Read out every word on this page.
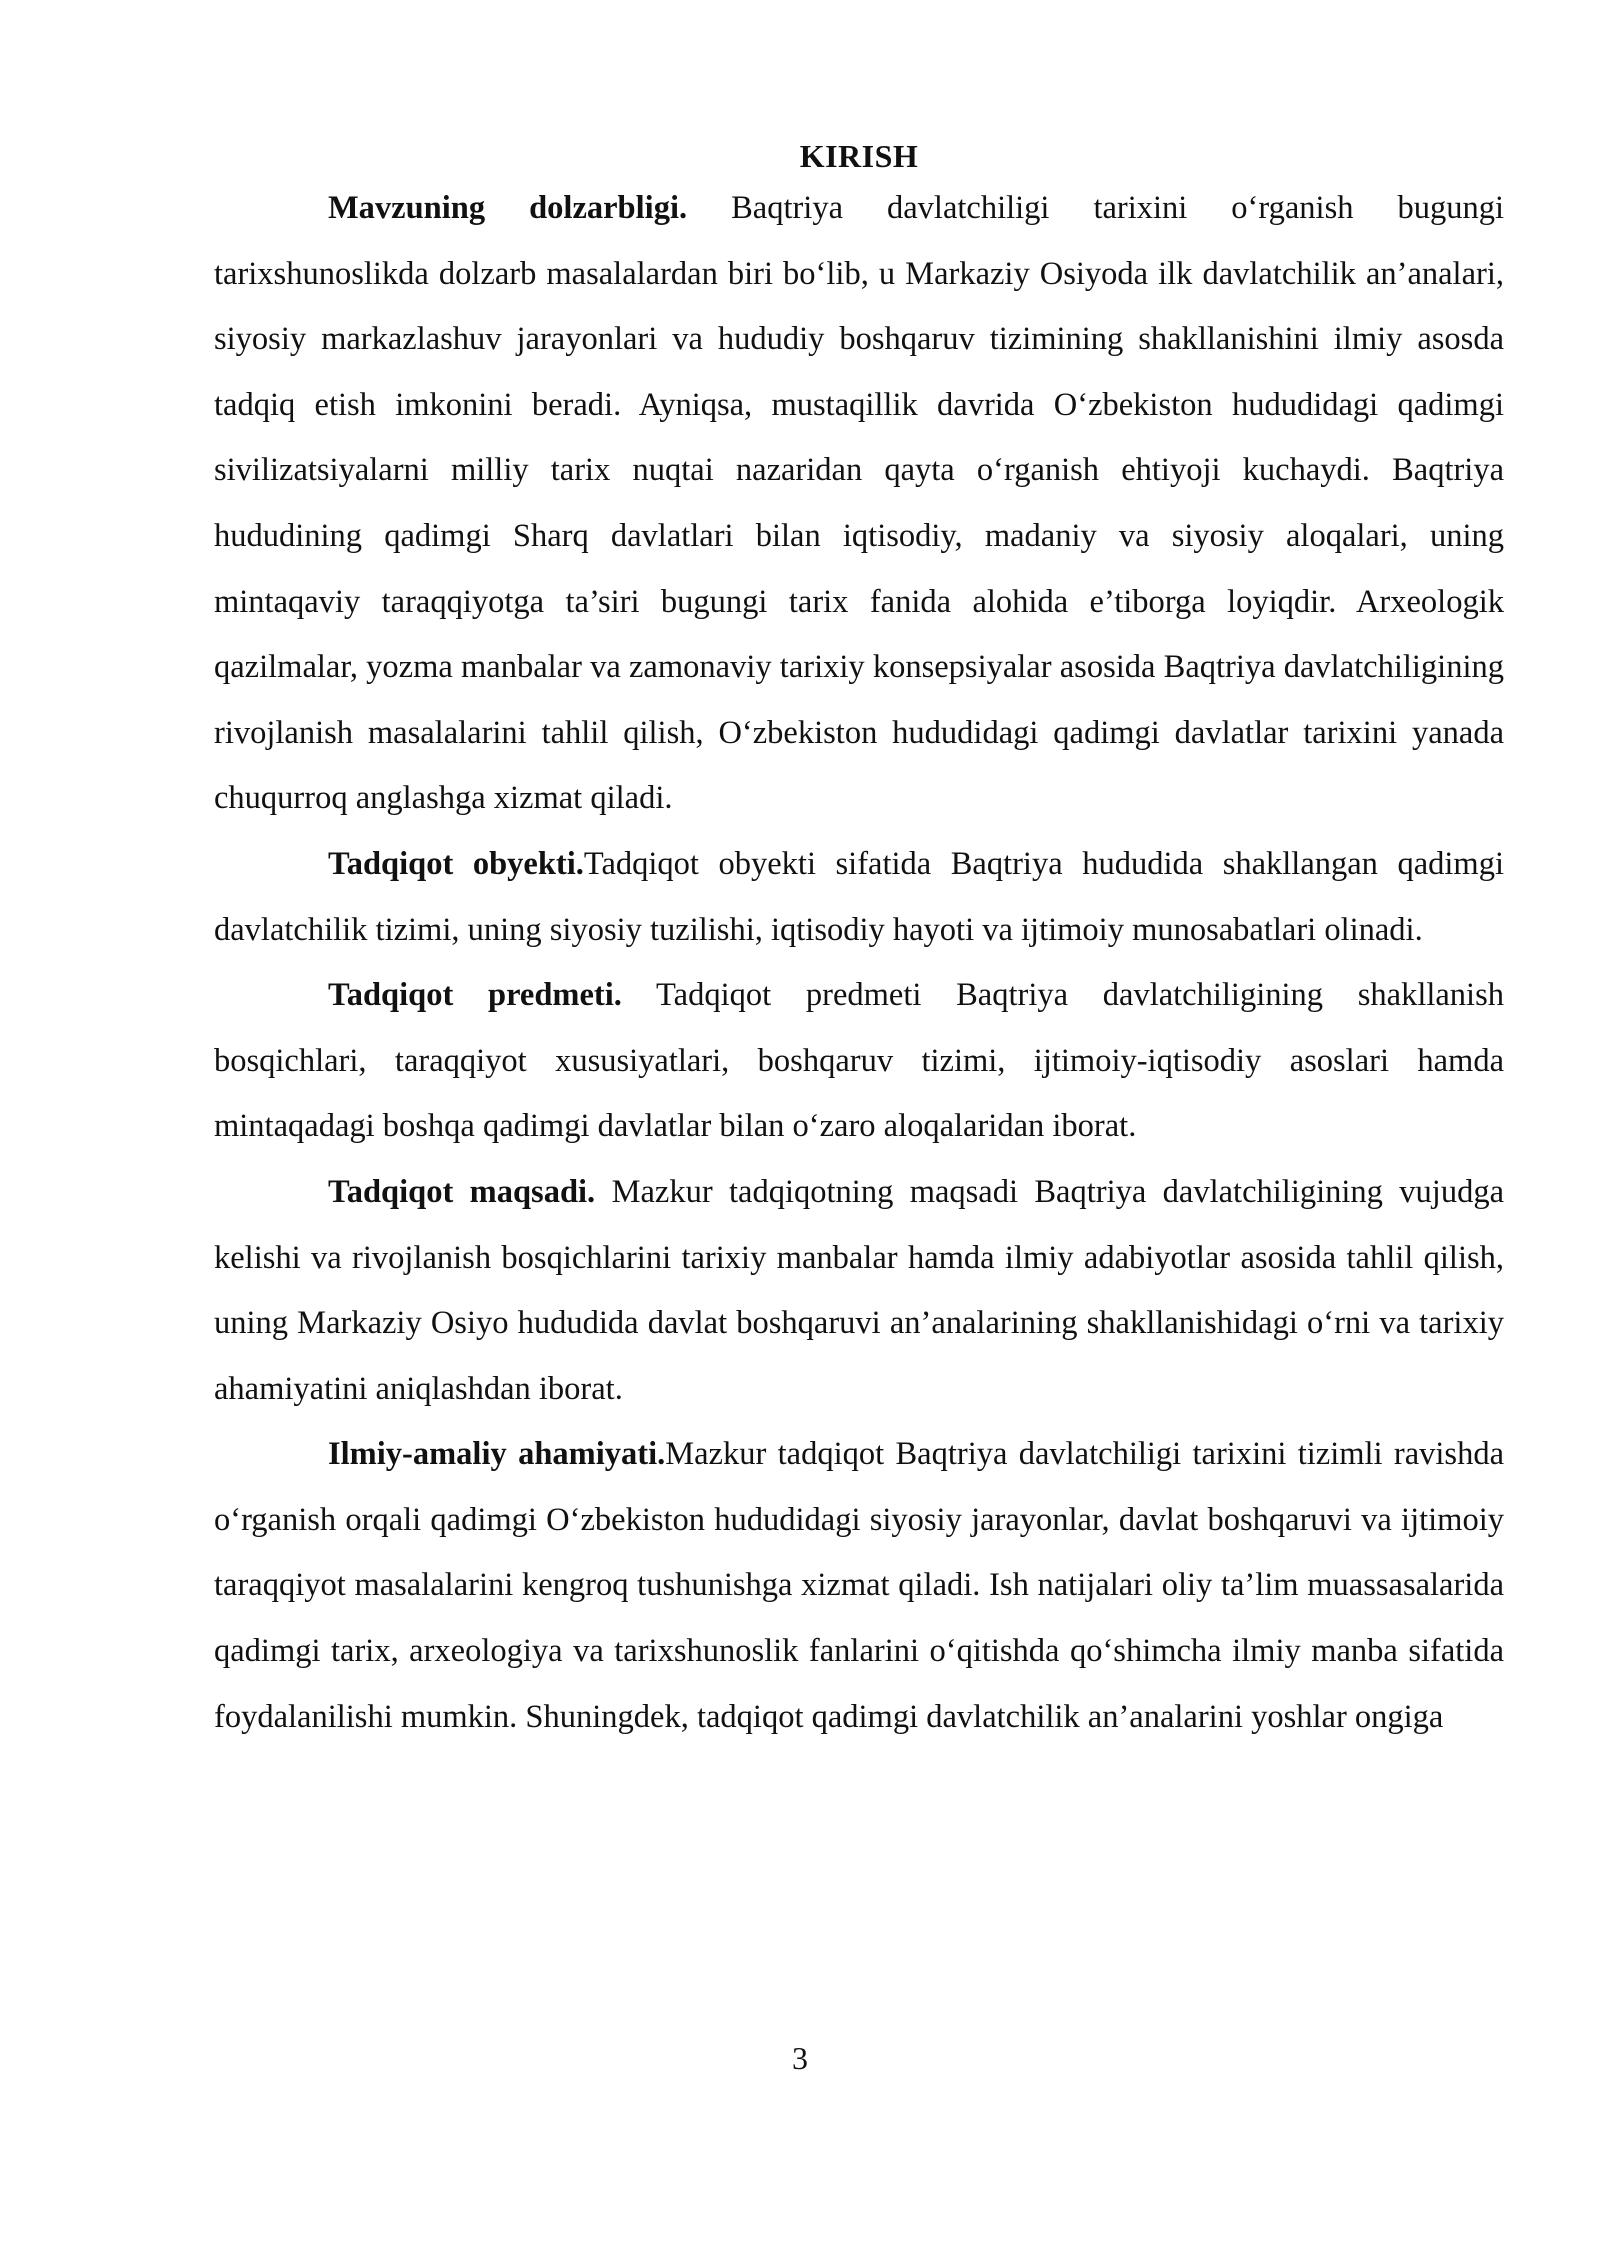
KIRISH

Mavzuning dolzarbligi. Baqtriya davlatchiligi tarixini o‘rganish bugungi tarixshunoslikda dolzarb masalalardan biri bo‘lib, u Markaziy Osiyoda ilk davlatchilik an’analari, siyosiy markazlashuv jarayonlari va hududiy boshqaruv tizimining shakllanishini ilmiy asosda tadqiq etish imkonini beradi. Ayniqsa, mustaqillik davrida O‘zbekiston hududidagi qadimgi sivilizatsiyalarni milliy tarix nuqtai nazaridan qayta o‘rganish ehtiyoji kuchaydi. Baqtriya hududining qadimgi Sharq davlatlari bilan iqtisodiy, madaniy va siyosiy aloqalari, uning mintaqaviy taraqqiyotga ta’siri bugungi tarix fanida alohida e’tiborga loyiqdir. Arxeologik qazilmalar, yozma manbalar va zamonaviy tarixiy konsepsiyalar asosida Baqtriya davlatchiligining rivojlanish masalalarini tahlil qilish, O‘zbekiston hududidagi qadimgi davlatlar tarixini yanada chuqurroq anglashga xizmat qiladi.

Tadqiqot obyekti.Tadqiqot obyekti sifatida Baqtriya hududida shakllangan qadimgi davlatchilik tizimi, uning siyosiy tuzilishi, iqtisodiy hayoti va ijtimoiy munosabatlari olinadi.

Tadqiqot predmeti. Tadqiqot predmeti Baqtriya davlatchiligining shakllanish bosqichlari, taraqqiyot xususiyatlari, boshqaruv tizimi, ijtimoiy-iqtisodiy asoslari hamda mintaqadagi boshqa qadimgi davlatlar bilan o‘zaro aloqalaridan iborat.

Tadqiqot maqsadi. Mazkur tadqiqotning maqsadi Baqtriya davlatchiligining vujudga kelishi va rivojlanish bosqichlarini tarixiy manbalar hamda ilmiy adabiyotlar asosida tahlil qilish, uning Markaziy Osiyo hududida davlat boshqaruvi an’analarining shakllanishidagi o‘rni va tarixiy ahamiyatini aniqlashdan iborat.

Ilmiy-amaliy ahamiyati.Mazkur tadqiqot Baqtriya davlatchiligi tarixini tizimli ravishda o‘rganish orqali qadimgi O‘zbekiston hududidagi siyosiy jarayonlar, davlat boshqaruvi va ijtimoiy taraqqiyot masalalarini kengroq tushunishga xizmat qiladi. Ish natijalari oliy ta’lim muassasalarida qadimgi tarix, arxeologiya va tarixshunoslik fanlarini o‘qitishda qo‘shimcha ilmiy manba sifatida foydalanilishi mumkin. Shuningdek, tadqiqot qadimgi davlatchilik an’analarini yoshlar ongiga

3
